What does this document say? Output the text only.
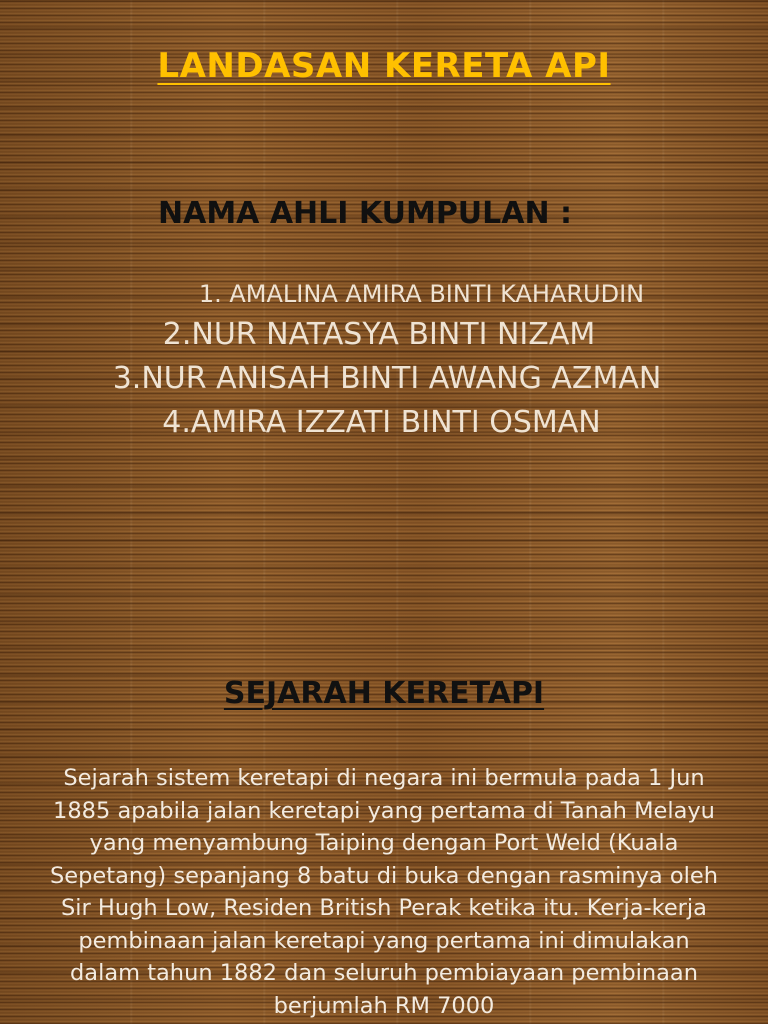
LANDASAN KERETA API
NAMA AHLI KUMPULAN :
1. AMALINA AMIRA BINTI KAHARUDIN
2.NUR NATASYA BINTI NIZAM
3.NUR ANISAH BINTI AWANG AZMAN
4.AMIRA IZZATI BINTI OSMAN
SEJARAH KERETAPI

Sejarah sistem keretapi di negara ini bermula pada 1 Jun 1885 apabila jalan keretapi yang pertama di Tanah Melayu yang menyambung Taiping dengan Port Weld (Kuala Sepetang) sepanjang 8 batu di buka dengan rasminya oleh Sir Hugh Low, Residen British Perak ketika itu. Kerja-kerja pembinaan jalan keretapi yang pertama ini dimulakan dalam tahun 1882 dan seluruh pembiayaan pembinaan berjumlah RM 7000
